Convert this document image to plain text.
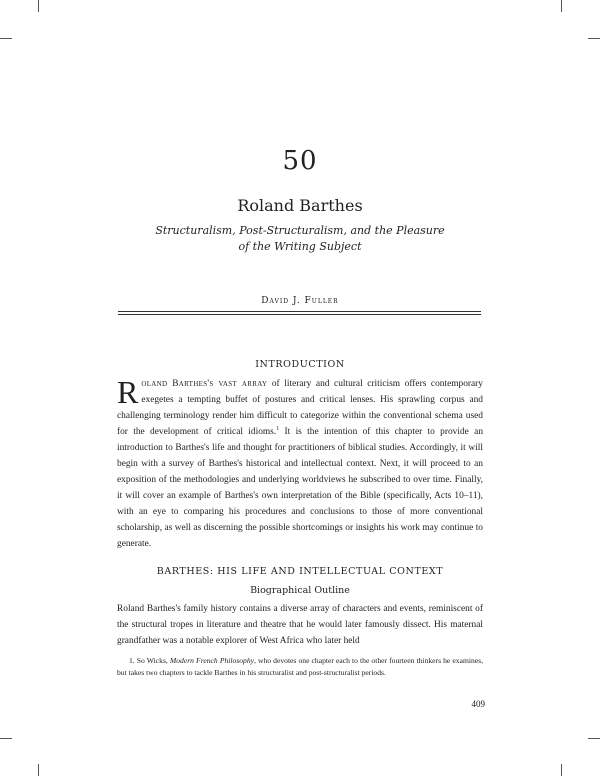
50
Roland Barthes
Structuralism, Post-Structuralism, and the Pleasure
of the Writing Subject
David J. Fuller
INTRODUCTION

Roland Barthes's vast array of literary and cultural criticism offers contemporary exegetes a tempting buffet of postures and critical lenses. His sprawling corpus and challenging terminology render him difficult to categorize within the conventional schema used for the development of critical idioms.$^1$ It is the intention of this chapter to provide an introduction to Barthes's life and thought for practitioners of biblical studies. Accordingly, it will begin with a survey of Barthes's historical and intellectual context. Next, it will proceed to an exposition of the methodologies and underlying worldviews he subscribed to over time. Finally, it will cover an example of Barthes's own interpretation of the Bible (specifically, Acts 10–11), with an eye to comparing his procedures and conclusions to those of more conventional scholarship, as well as discerning the possible shortcomings or insights his work may continue to generate.

BARTHES: HIS LIFE AND INTELLECTUAL CONTEXT
Biographical Outline

Roland Barthes's family history contains a diverse array of characters and events, reminiscent of the structural tropes in literature and theatre that he would later famously dissect. His maternal grandfather was a notable explorer of West Africa who later held

1. So Wicks, Modern French Philosophy, who devotes one chapter each to the other fourteen thinkers he examines, but takes two chapters to tackle Barthes in his structuralist and post-structuralist periods.
409
